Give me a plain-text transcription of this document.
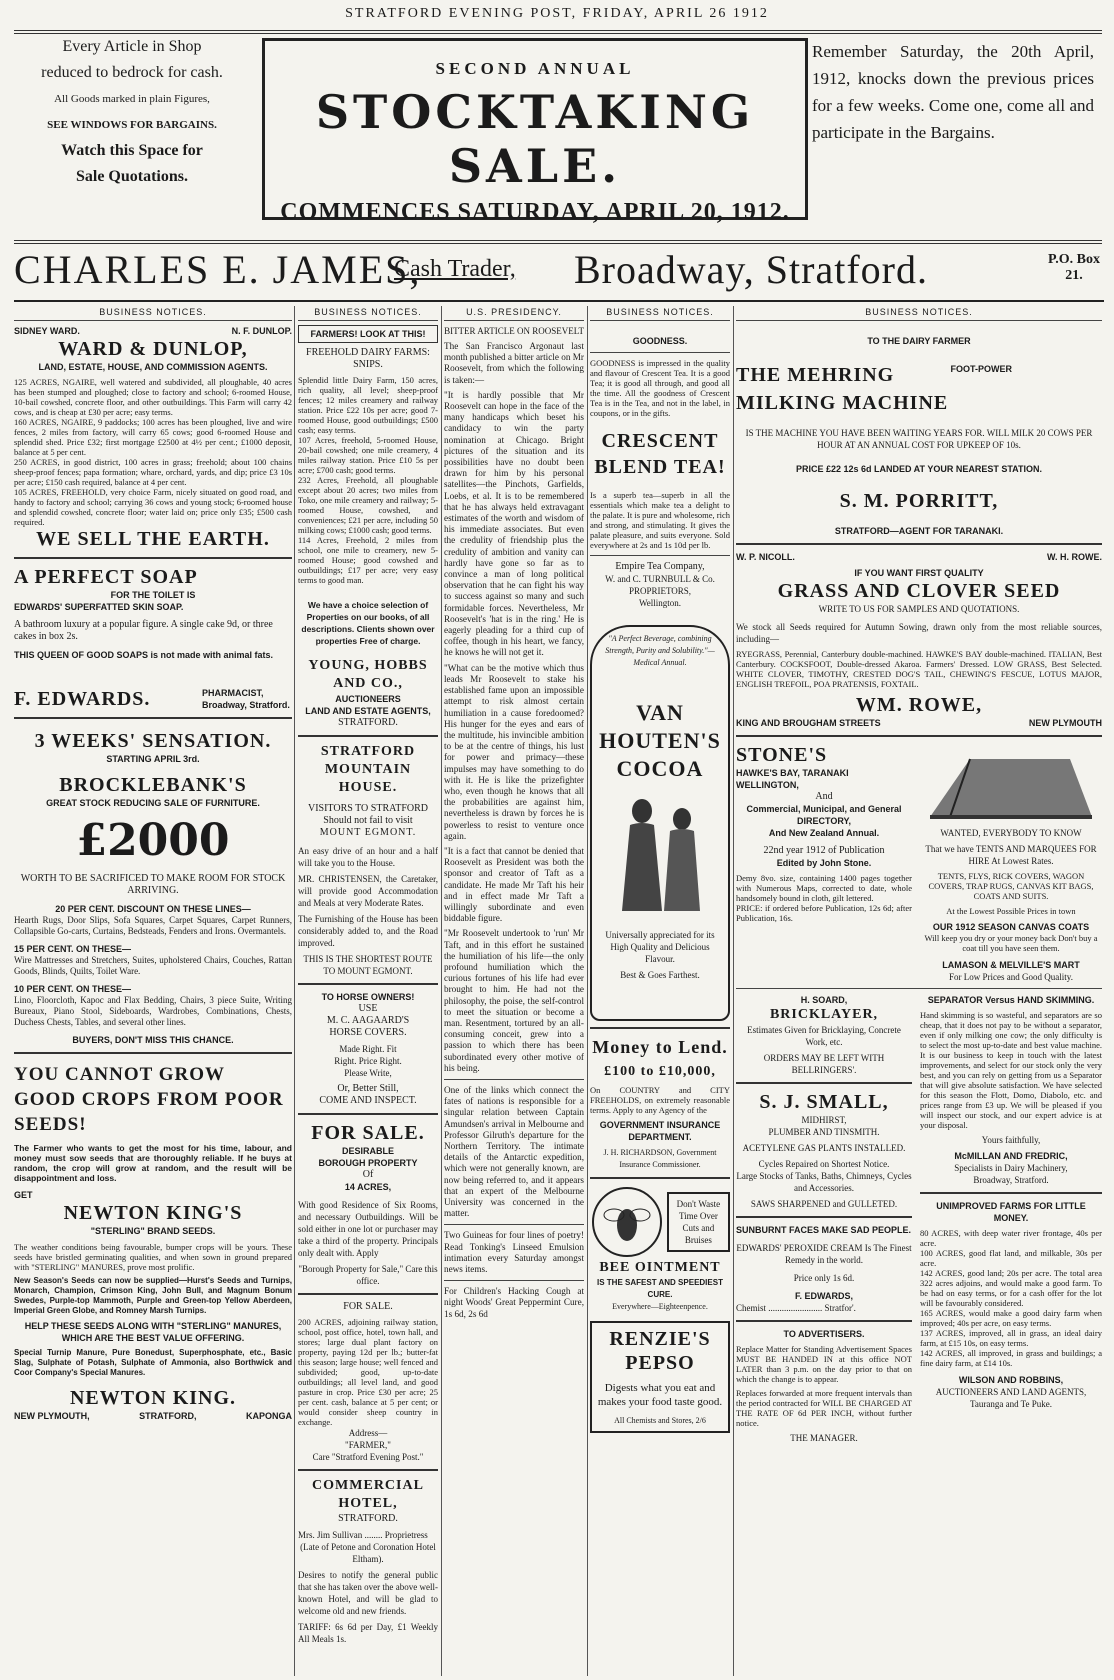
STRATFORD EVENING POST, FRIDAY, APRIL 26 1912
Every Article in Shop
reduced to bedrock for cash.
All Goods marked in plain Figures,
SEE WINDOWS FOR BARGAINS.
Watch this Space for
Sale Quotations.
SECOND ANNUAL
STOCKTAKING SALE.
COMMENCES SATURDAY, APRIL 20, 1912.
Remember Saturday, the 20th April, 1912, knocks down the previous prices for a few weeks. Come one, come all and participate in the Bargains.
CHARLES E. JAMES,
Cash Trader, Broadway, Stratford.	P.O. Box 21.
BUSINESS NOTICES.
SIDNEY WARD.	N. F. DUNLOP.
WARD & DUNLOP,
LAND, ESTATE, HOUSE, AND COMMISSION AGENTS.
125 ACRES, NGAIRE, well watered and subdivided, all ploughable, 40 acres has been stumped and ploughed; close to factory and school; 6-roomed House, 10-bail cowshed, concrete floor, and other outbuildings. This Farm will carry 42 cows, and is cheap at £30 per acre; easy terms.
160 ACRES, NGAIRE, 9 paddocks; 100 acres has been ploughed, live and wire fences, 2 miles from factory, will carry 65 cows; good 6-roomed House and splendid shed. Price £32; first mortgage £2500 at 4½ per cent.; £1000 deposit, balance at 5 per cent.
250 ACRES, in good district, 100 acres in grass; freehold; about 100 chains sheep-proof fences; papa formation; whare, orchard, yards, and dip; price £3 10s per acre; £150 cash required, balance at 4 per cent.
105 ACRES, FREEHOLD, very choice Farm, nicely situated on good road, and handy to factory and school; carrying 36 cows and young stock; 6-roomed house and splendid cowshed, concrete floor; water laid on; price only £35; £500 cash required.
WE SELL THE EARTH.
A PERFECT SOAP
FOR THE TOILET IS
EDWARDS' SUPERFATTED SKIN SOAP.
A bathroom luxury at a popular figure. A single cake 9d, or three cakes in box 2s.
THIS QUEEN OF GOOD SOAPS is not made with animal fats.
F. EDWARDS.	PHARMACIST, Broadway, Stratford.
3 WEEKS' SENSATION.
STARTING APRIL 3rd.
BROCKLEBANK'S
GREAT STOCK REDUCING SALE OF FURNITURE.
£2000
WORTH TO BE SACRIFICED TO MAKE ROOM FOR STOCK ARRIVING.
20 PER CENT. DISCOUNT ON THESE LINES—
Hearth Rugs, Door Slips, Sofa Squares, Carpet Squares, Carpet Runners, Collapsible Go-carts, Curtains, Bedsteads, Fenders and Irons. Overmantels.
15 PER CENT. ON THESE—
Wire Mattresses and Stretchers, Suites, upholstered Chairs, Couches, Rattan Goods, Blinds, Quilts, Toilet Ware.
10 PER CENT. ON THESE—
Lino, Floorcloth, Kapoc and Flax Bedding, Chairs, 3 piece Suite, Writing Bureaux, Piano Stool, Sideboards, Wardrobes, Combinations, Chests, Duchess Chests, Tables, and several other lines.
BUYERS, DON'T MISS THIS CHANCE.
YOU CANNOT GROW GOOD CROPS FROM POOR SEEDS!
The Farmer who wants to get the most for his time, labour, and money must sow seeds that are thoroughly reliable. If he buys at random, the crop will grow at random, and the result will be disappointment and loss.
GET
NEWTON KING'S
"STERLING" BRAND SEEDS.
The weather conditions being favourable, bumper crops will be yours. These seeds have bristled germinating qualities, and when sown in ground prepared with "STERLING" MANURES, prove most prolific.
New Season's Seeds can now be supplied—Hurst's Seeds and Turnips, Monarch, Champion, Crimson King, John Bull, and Magnum Bonum Swedes, Purple-top Mammoth, Purple and Green-top Yellow Aberdeen, Imperial Green Globe, and Romney Marsh Turnips.
HELP THESE SEEDS ALONG WITH "STERLING" MANURES, WHICH ARE THE BEST VALUE OFFERING.
Special Turnip Manure, Pure Bonedust, Superphosphate, etc., Basic Slag, Sulphate of Potash, Sulphate of Ammonia, also Borthwick and Coor Company's Special Manures.
NEWTON KING.
NEW PLYMOUTH,	STRATFORD,	KAPONGA
BUSINESS NOTICES.
FARMERS! LOOK AT THIS!
FREEHOLD DAIRY FARMS: SNIPS.
Splendid little Dairy Farm, 150 acres, rich quality, all level; sheep-proof fences; 12 miles creamery and railway station. Price £22 10s per acre; good 7-roomed House, good outbuildings; £500 cash; easy terms.
107 Acres, freehold, 5-roomed House, 20-bail cowshed; one mile creamery, 4 miles railway station. Price £10 5s per acre; £700 cash; good terms.
232 Acres, Freehold, all ploughable except about 20 acres; two miles from Toko, one mile creamery and railway; 5-roomed House, cowshed, and conveniences; £21 per acre, including 50 milking cows; £1000 cash; good terms.
114 Acres, Freehold, 2 miles from school, one mile to creamery, new 5-roomed House; good cowshed and outbuildings; £17 per acre; very easy terms to good man.
We have a choice selection of Properties on our books, of all descriptions. Clients shown over properties Free of charge.
YOUNG, HOBBS AND CO.,
AUCTIONEERS
LAND AND ESTATE AGENTS,
STRATFORD.
STRATFORD MOUNTAIN HOUSE.
VISITORS TO STRATFORD
Should not fail to visit
MOUNT EGMONT.
An easy drive of an hour and a half will take you to the House.
MR. CHRISTENSEN, the Caretaker, will provide good Accommodation and Meals at very Moderate Rates.
The Furnishing of the House has been considerably added to, and the Road improved.
THIS IS THE SHORTEST ROUTE TO MOUNT EGMONT.
TO HORSE OWNERS!
USE
M. C. AAGAARD'S
HORSE COVERS.
Made Right. Fit Right. Price Right. Please Write,
Or, Better Still,
COME AND INSPECT.
FOR SALE.
DESIRABLE BOROUGH PROPERTY
Of
14 ACRES,
With good Residence of Six Rooms, and necessary Outbuildings. Will be sold either in one lot or purchaser may take a third of the property. Principals only dealt with. Apply
"Borough Property for Sale," Care this office.
FOR SALE.
200 ACRES, adjoining railway station, school, post office, hotel, town hall, and stores; large dual plant factory on property, paying 12d per lb.; butter-fat this season; large house; well fenced and subdivided; good, up-to-date outbuildings; all level land, and good pasture in crop. Price £30 per acre; 25 per cent. cash, balance at 5 per cent; or would consider sheep country in exchange.
Address—
"FARMER,"
Care "Stratford Evening Post."
COMMERCIAL HOTEL,
STRATFORD.
Mrs. Jim Sullivan ........ Proprietress
(Late of Petone and Coronation Hotel Eltham).
Desires to notify the general public that she has taken over the above well-known Hotel, and will be glad to welcome old and new friends.
TARIFF: 6s 6d per Day, £1 Weekly All Meals 1s.
U.S. PRESIDENCY.
BITTER ARTICLE ON ROOSEVELT

The San Francisco Argonaut last month published a bitter article on Mr Roosevelt, from which the following is taken:—

"It is hardly possible that Mr Roosevelt can hope in the face of the many handicaps which beset his candidacy to win the party nomination at Chicago. Bright pictures of the situation and its possibilities have no doubt been drawn for him by his personal satellites—the Pinchots, Garfields, Loebs, et al. It is to be remembered that he has always held extravagant estimates of the worth and wisdom of his immediate associates. But even the credulity of friendship plus the credulity of ambition and vanity can hardly have gone so far as to convince a man of long political observation that he can fight his way to success against so many and such formidable forces. Nevertheless, Mr Roosevelt's 'hat is in the ring.' He is eagerly pleading for a third cup of coffee, though in his heart, we fancy, he knows he will not get it.

"What can be the motive which thus leads Mr Roosevelt to stake his established fame upon an impossible attempt to risk almost certain humiliation in a cause foredoomed? His hunger for the eyes and ears of the multitude, his invincible ambition to be at the centre of things, his lust for power and primacy—these impulses may have something to do with it. He is like the prizefighter who, even though he knows that all the probabilities are against him, nevertheless is drawn by forces he is powerless to resist to venture once again.

"It is a fact that cannot be denied that Roosevelt as President was both the sponsor and creator of Taft as a candidate. He made Mr Taft his heir and in effect made Mr Taft a willingly subordinate and even biddable figure.

"Mr Roosevelt undertook to 'run' Mr Taft, and in this effort he sustained the humiliation of his life—the only profound humiliation which the curious fortunes of his life had ever brought to him. He had not the philosophy, the poise, the self-control to meet the situation or become a man. Resentment, tortured by an all-consuming conceit, grew into a passion to which there has been subordinated every other motive of his being.

One of the links which connect the fates of nations is responsible for a singular relation between Captain Amundsen's arrival in Melbourne and Professor Gilruth's departure for the Northern Territory. The intimate details of the Antarctic expedition, which were not generally known, are now being referred to, and it appears that an expert of the Melbourne University was concerned in the matter.

Two Guineas for four lines of poetry! Read Tonking's Linseed Emulsion intimation every Saturday amongst news items.

For Children's Hacking Cough at night Woods' Great Peppermint Cure, 1s 6d, 2s 6d

BUSINESS NOTICES.
GOODNESS.
GOODNESS is impressed in the quality and flavour of Crescent Tea. It is a good Tea; it is good all through, and good all the time. All the goodness of Crescent Tea is in the Tea, and not in the label, in coupons, or in the gifts.
CRESCENT BLEND TEA!
Is a superb tea—superb in all the essentials which make tea a delight to the palate. It is pure and wholesome, rich and strong, and stimulating. It gives the palate pleasure, and suits everyone. Sold everywhere at 2s and 1s 10d per lb.
Empire Tea Company,
W. and C. TURNBULL & Co.
PROPRIETORS,
Wellington.
"A Perfect Beverage, combining Strength, Purity and Solubility."—Medical Annual.
VAN HOUTEN'S COCOA
Universally appreciated for its High Quality and Delicious Flavour.
Best & Goes Farthest.
Money to Lend.
£100 to £10,000,
On COUNTRY and CITY FREEHOLDS, on extremely reasonable terms. Apply to any Agency of the
GOVERNMENT INSURANCE DEPARTMENT.
J. H. RICHARDSON, Government Insurance Commissioner.
Don't Waste Time Over Cuts and Bruises
BEE OINTMENT
IS THE SAFEST AND SPEEDIEST CURE.
Everywhere—Eighteenpence.
RENZIE'S PEPSO
Digests what you eat and makes your food taste good.
All Chemists and Stores, 2/6
BUSINESS NOTICES.
TO THE DAIRY FARMER
THE MEHRING MILKING MACHINE
FOOT-POWER
IS THE MACHINE YOU HAVE BEEN WAITING YEARS FOR. WILL MILK 20 COWS PER HOUR AT AN ANNUAL COST FOR UPKEEP OF 10s.
PRICE £22 12s 6d LANDED AT YOUR NEAREST STATION.
S. M. PORRITT,
STRATFORD—AGENT FOR TARANAKI.
W. P. NICOLL.	W. H. ROWE.
IF YOU WANT FIRST QUALITY
GRASS AND CLOVER SEED
WRITE TO US FOR SAMPLES AND QUOTATIONS.
We stock all Seeds required for Autumn Sowing, drawn only from the most reliable sources, including—
RYEGRASS, Perennial, Canterbury double-machined. HAWKE'S BAY double-machined. ITALIAN, Best Canterbury. COCKSFOOT, Double-dressed Akaroa. Farmers' Dressed. LOW GRASS, Best Selected. WHITE CLOVER, TIMOTHY, CRESTED DOG'S TAIL, CHEWING'S FESCUE, LOTUS MAJOR, ENGLISH TREFOIL, POA PRATENSIS, FOXTAIL.
WM. ROWE,
KING AND BROUGHAM STREETS	NEW PLYMOUTH
STONE'S
HAWKE'S BAY, TARANAKI WELLINGTON,
And
Commercial, Municipal, and General DIRECTORY,
And New Zealand Annual.
22nd year 1912 of Publication
Edited by John Stone.
Demy 8vo. size, containing 1400 pages together with Numerous Maps, corrected to date, whole handsomely bound in cloth, gilt lettered.
PRICE: if ordered before Publication, 12s 6d; after Publication, 16s.
WANTED, EVERYBODY TO KNOW
That we have TENTS AND MARQUEES FOR HIRE At Lowest Rates.
TENTS, FLYS, RICK COVERS, WAGON COVERS, TRAP RUGS, CANVAS KIT BAGS, COATS AND SUITS.
At the Lowest Possible Prices in town
OUR 1912 SEASON CANVAS COATS
Will keep you dry or your money back Don't buy a coat till you have seen them.
LAMASON & MELVILLE'S MART
For Low Prices and Good Quality.
H. SOARD,
BRICKLAYER,
Estimates Given for Bricklaying, Concrete Work, etc.
ORDERS MAY BE LEFT WITH BELLRINGERS'.
S. J. SMALL,
MIDHIRST,
PLUMBER AND TINSMITH.
ACETYLENE GAS PLANTS INSTALLED.
Cycles Repaired on Shortest Notice.
Large Stocks of Tanks, Baths, Chimneys, Cycles and Accessories.
SAWS SHARPENED and GULLETED.
SUNBURNT FACES MAKE SAD PEOPLE.
EDWARDS' PEROXIDE CREAM Is The Finest Remedy in the world.
Price only 1s 6d.
F. EDWARDS,
Chemist ........................ Stratfor'.
TO ADVERTISERS.
Replace Matter for Standing Advertisement Spaces MUST BE HANDED IN at this office NOT LATER than 3 p.m. on the day prior to that on which the change is to appear.
Replaces forwarded at more frequent intervals than the period contracted for WILL BE CHARGED AT THE RATE OF 6d PER INCH, without further notice.
THE MANAGER.
SEPARATOR Versus HAND SKIMMING.
Hand skimming is so wasteful, and separators are so cheap, that it does not pay to be without a separator, even if only milking one cow; the only difficulty is to select the most up-to-date and best value machine. It is our business to keep in touch with the latest improvements, and select for our stock only the very best, and you can rely on getting from us a Separator that will give absolute satisfaction. We have selected for this season the Flott, Domo, Diabolo, etc. and prices range from £3 up. We will be pleased if you will inspect our stock, and our expert advice is at your disposal.
Yours faithfully,
McMILLAN AND FREDRIC,
Specialists in Dairy Machinery,
Broadway, Stratford.
UNIMPROVED FARMS FOR LITTLE MONEY.
80 ACRES, with deep water river frontage, 40s per acre.
100 ACRES, good flat land, and milkable, 30s per acre.
142 ACRES, good land; 20s per acre. The total area 322 acres adjoins, and would make a good farm. To be had on easy terms, or for a cash offer for the lot will be favourably considered.
165 ACRES, would make a good dairy farm when improved; 40s per acre, on easy terms.
137 ACRES, improved, all in grass, an ideal dairy farm, at £15 10s, on easy terms.
142 ACRES, all improved, in grass and buildings; a fine dairy farm, at £14 10s.
WILSON AND ROBBINS,
AUCTIONEERS AND LAND AGENTS,
Tauranga and Te Puke.
